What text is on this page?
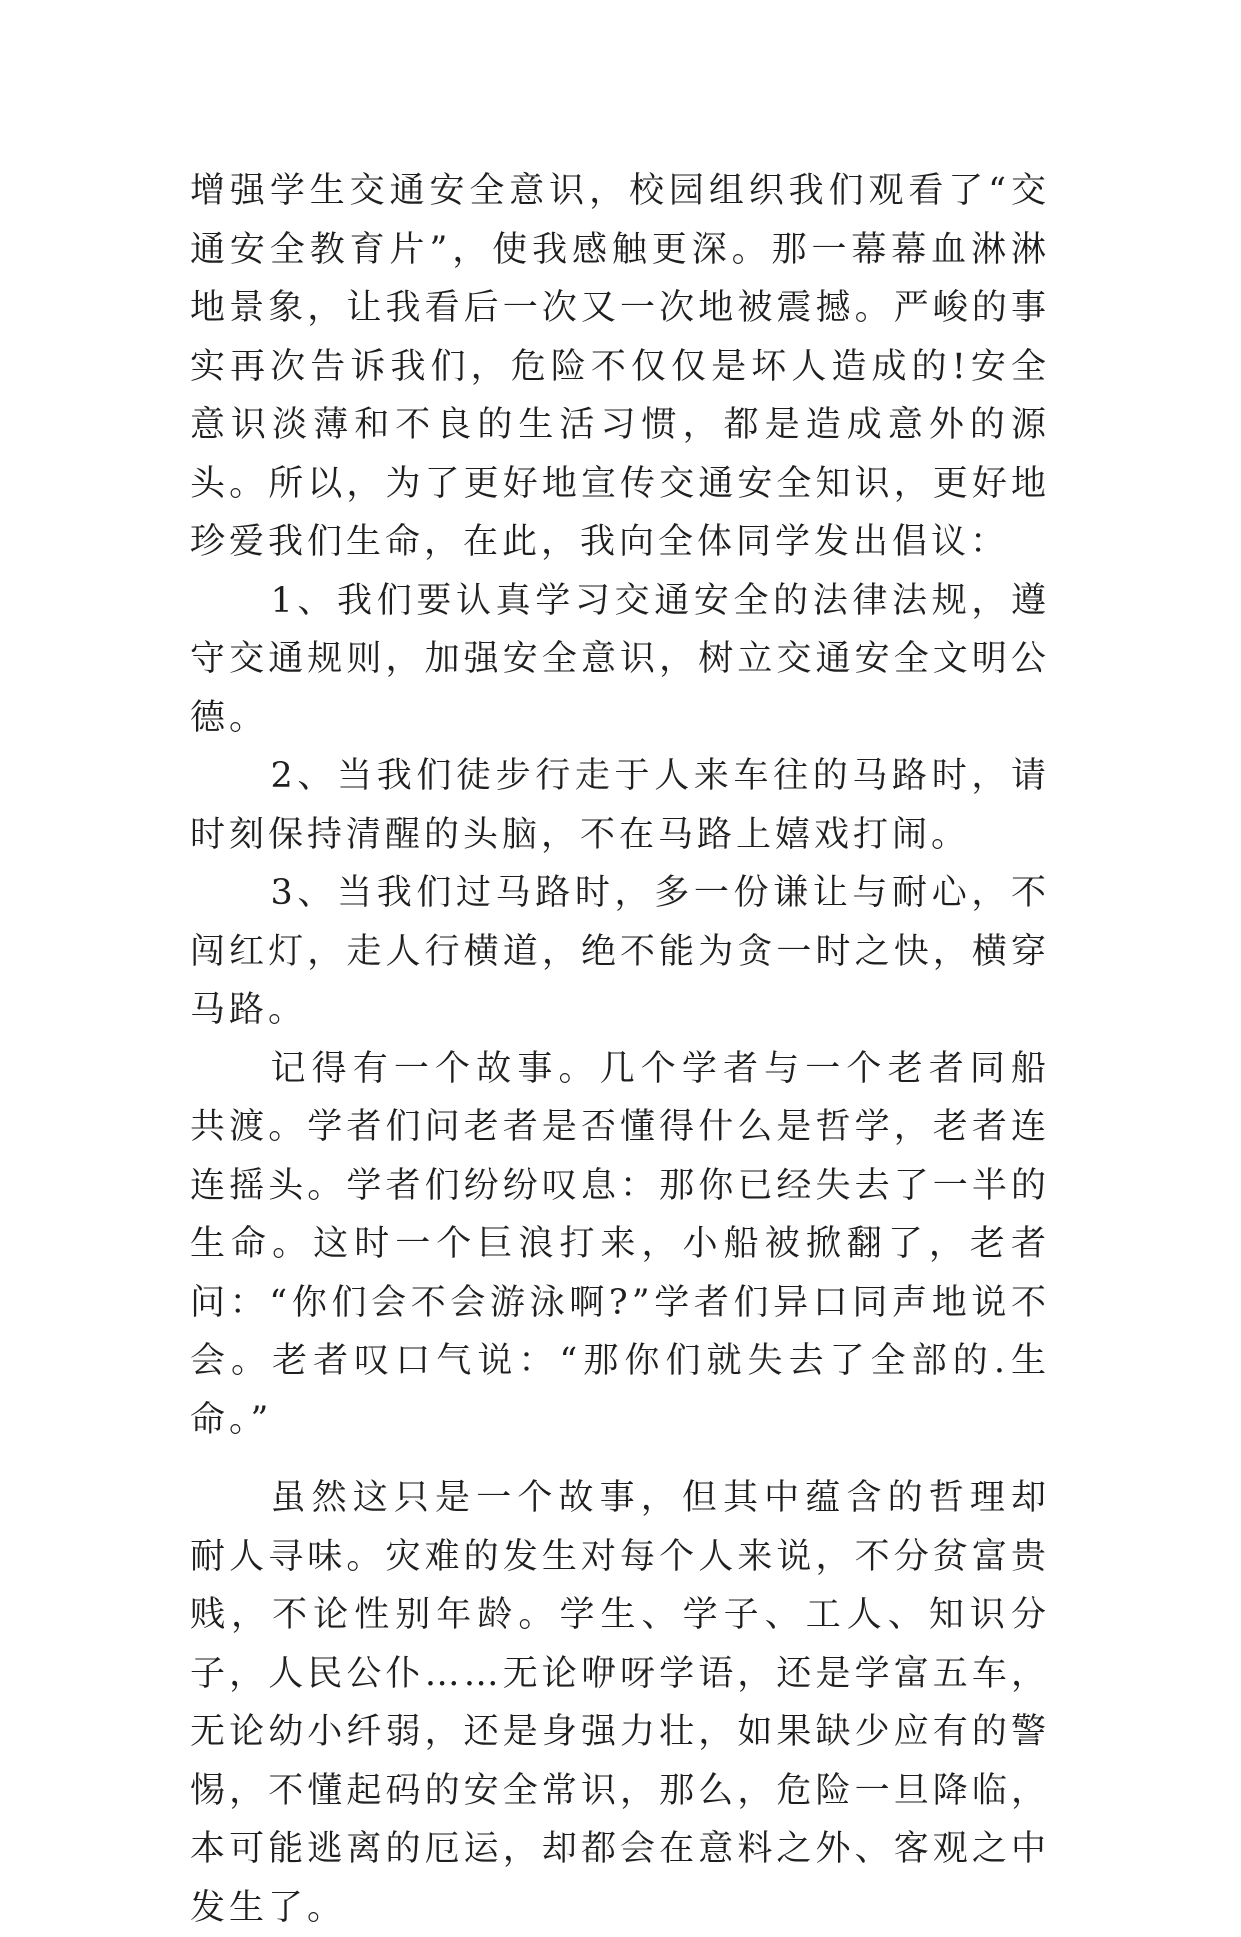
增强学生交通安全意识，校园组织我们观看了“交通安全教育片”，使我感触更深。那一幕幕血淋淋地景象，让我看后一次又一次地被震撼。严峻的事实再次告诉我们，危险不仅仅是坏人造成的!安全意识淡薄和不良的生活习惯，都是造成意外的源头。所以，为了更好地宣传交通安全知识，更好地珍爱我们生命，在此，我向全体同学发出倡议：

1、我们要认真学习交通安全的法律法规，遵守交通规则，加强安全意识，树立交通安全文明公德。

2、当我们徒步行走于人来车往的马路时，请时刻保持清醒的头脑，不在马路上嬉戏打闹。

3、当我们过马路时，多一份谦让与耐心，不闯红灯，走人行横道，绝不能为贪一时之快，横穿马路。

记得有一个故事。几个学者与一个老者同船共渡。学者们问老者是否懂得什么是哲学，老者连连摇头。学者们纷纷叹息：那你已经失去了一半的生命。这时一个巨浪打来，小船被掀翻了，老者问：“你们会不会游泳啊?”学者们异口同声地说不会。老者叹口气说：“那你们就失去了全部的.生命。”

虽然这只是一个故事，但其中蕴含的哲理却耐人寻味。灾难的发生对每个人来说，不分贫富贵贱，不论性别年龄。学生、学子、工人、知识分子，人民公仆……无论咿呀学语，还是学富五车，无论幼小纤弱，还是身强力壮，如果缺少应有的警惕，不懂起码的安全常识，那么，危险一旦降临，本可能逃离的厄运，却都会在意料之外、客观之中发生了。
